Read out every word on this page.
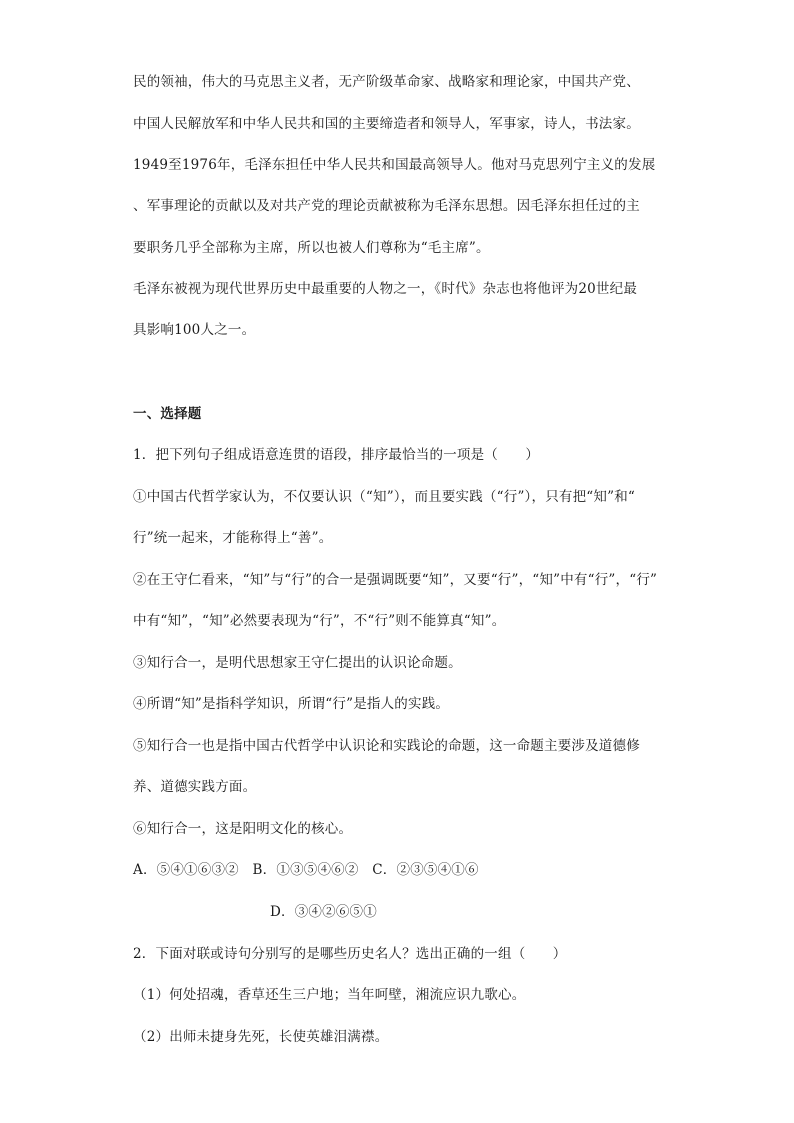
民的领袖，伟大的马克思主义者，无产阶级革命家、战略家和理论家，中国共产党、
中国人民解放军和中华人民共和国的主要缔造者和领导人，军事家，诗人，书法家。
1949至1976年，毛泽东担任中华人民共和国最高领导人。他对马克思列宁主义的发展
、军事理论的贡献以及对共产党的理论贡献被称为毛泽东思想。因毛泽东担任过的主
要职务几乎全部称为主席，所以也被人们尊称为“毛主席”。
毛泽东被视为现代世界历史中最重要的人物之一，《时代》杂志也将他评为20世纪最
具影响100人之一。
一、选择题
1．把下列句子组成语意连贯的语段，排序最恰当的一项是（　　）
①中国古代哲学家认为，不仅要认识（“知”），而且要实践（“行”），只有把“知”和“
行”统一起来，才能称得上“善”。
②在王守仁看来，“知”与“行”的合一是强调既要“知”，又要“行”，“知”中有“行”，“行”
中有“知”，“知”必然要表现为“行”，不“行”则不能算真“知”。
③知行合一，是明代思想家王守仁提出的认识论命题。
④所谓“知”是指科学知识，所谓“行”是指人的实践。
⑤知行合一也是指中国古代哲学中认识论和实践论的命题，这一命题主要涉及道德修
养、道德实践方面。
⑥知行合一，这是阳明文化的核心。
A．⑤④①⑥③②　B．①③⑤④⑥②　C．②③⑤④①⑥
D．③④②⑥⑤①
2．下面对联或诗句分别写的是哪些历史名人？选出正确的一组（　　）
（1）何处招魂，香草还生三户地；当年呵壁，湘流应识九歌心。
（2）出师未捷身先死，长使英雄泪满襟。
